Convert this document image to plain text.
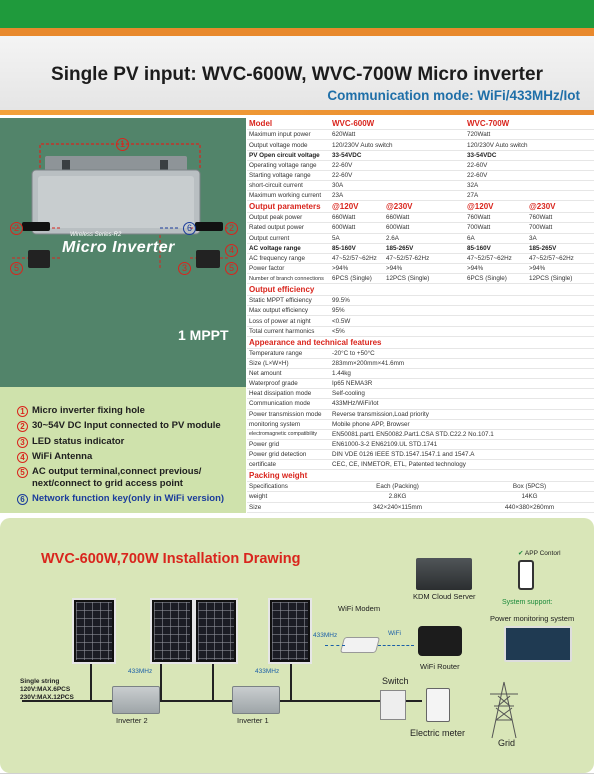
Single PV input: WVC-600W, WVC-700W Micro inverter
Communication mode: WiFi/433MHz/Iot
Wireless Series-R2
Micro Inverter
1
2	2
3
4
5	5
6
1 MPPT
1 Micro inverter fixing hole
2 30~54V DC Input connected to PV module
3 LED status indicator
4 WiFi Antenna
5 AC output terminal,connect previous/
next/connect to grid access point
6 Network function key(only in WiFi version)
Model	WVC-600W		WVC-700W	
Maximum input power	620Watt		720Watt	
Output voltage mode	120/230V Auto switch		120/230V Auto switch	
PV Open circuit voltage	33-54VDC		33-54VDC	
Operating voltage range	22-60V		22-60V	
Starting voltage range	22-60V		22-60V	
short-circuit current	30A		32A	
Maximum working current	23A		27A	
Output parameters	@120V	@230V	@120V	@230V
Output peak power	660Watt	660Watt	760Watt	760Watt
Rated output power	600Watt	600Watt	700Watt	700Watt
Output current	5A	2.6A	6A	3A
AC voltage range	85-160V	185-265V	85-160V	185-265V
AC frequency range	47~52/57~62Hz	47~52/57-62Hz	47~52/57~62Hz	47~52/57~62Hz
Power factor	>94%	>94%	>94%	>94%
Number of branch connections	6PCS (Single)	12PCS (Single)	6PCS (Single)	12PCS (Single)
Output efficiency				
Static MPPT efficiency	99.5%			
Max output efficiency	95%			
Loss of power at night	<0.5W			
Total current harmonics	<5%			
Appearance and technical features				
Temperature range	-20°C to +50°C			
Size (L×W×H)	283mm×200mm×41.6mm			
Net amount	1.44kg			
Waterproof grade	Ip65 NEMA3R			
Heat dissipation mode	Self-cooling			
Communication mode	433MHz/WiFi/Iot			
Power transmission mode	Reverse transmission,Load priority			
monitoring system	Mobile phone APP, Browser			
electromagnetic compatibility	EN50081.part1 EN50082.Part1.CSA STD.C22.2 No.107.1			
Power grid	EN61000-3-2 EN62109.UL STD.1741			
Power grid detection	DIN VDE 0126 IEEE STD.1547.1547.1 and 1547.A			
certificate	CEC, CE, INMETOR, ETL, Patented technology			
Packing weight				
Specifications	Each (Packing)		Box (5PCS)	
weight	2.8KG		14KG	
Size	342×240×115mm		440×380×260mm	
WVC-600W,700W Installation Drawing
Inverter 2	Inverter 1
433MHz	433MHz
Single string
120V:MAX.6PCS
230V:MAX.12PCS
WiFi Modem
433MHz	WiFi
WiFi Router
KDM Cloud Server
✔ APP Contorl
System support:
Power monitoring system
Switch
Electric meter
Grid
